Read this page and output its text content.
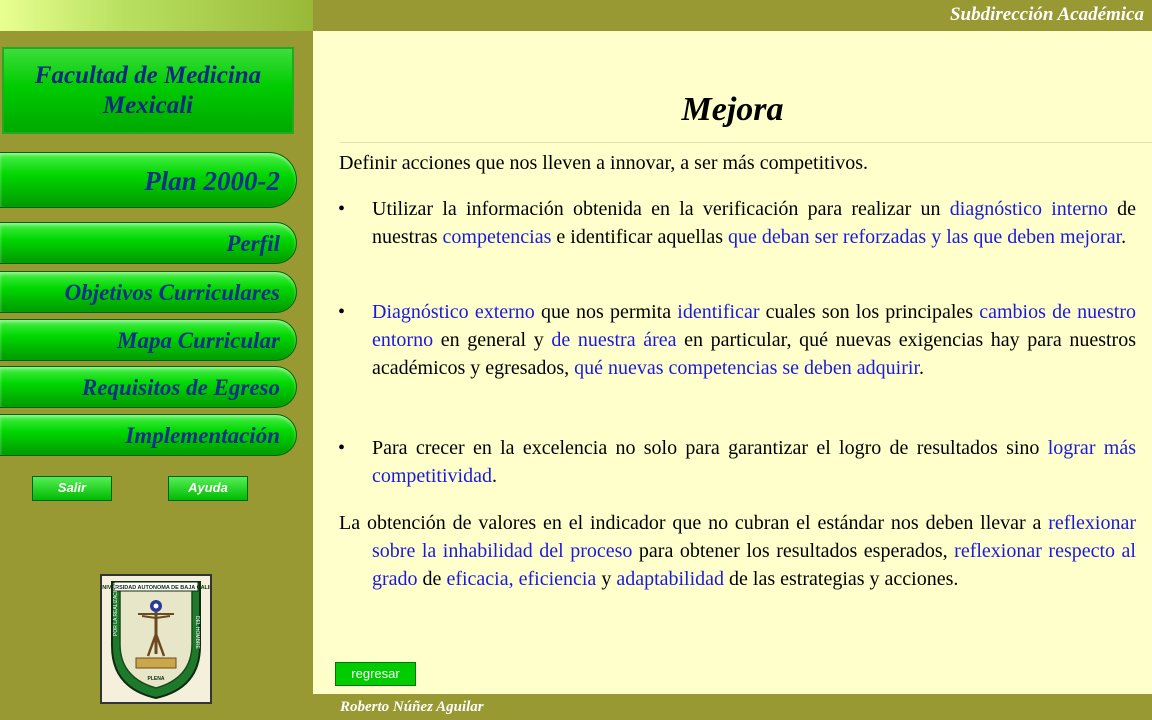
Subdirección Académica
Facultad de Medicina
Mexicali
Plan 2000-2
Perfil
Objetivos Curriculares
Mapa Curricular
Requisitos de Egreso
Implementación
Salir	Ayuda
UNIVERSIDAD AUTONOMA DE BAJA CALIF.
PLENA
POR LA REALIZACION	DEL HOMBRE
Roberto Núñez Aguilar
Mejora
Definir acciones que nos lleven a innovar, a ser más competitivos.
• Utilizar la información obtenida en la verificación para realizar un diagnóstico interno de nuestras competencias e identificar aquellas que deban ser reforzadas y las que deben mejorar.
• Diagnóstico externo que nos permita identificar cuales son los principales cambios de nuestro entorno en general y de nuestra área en particular, qué nuevas exigencias hay para nuestros académicos y egresados, qué nuevas competencias se deben adquirir.
• Para crecer en la excelencia no solo para garantizar el logro de resultados sino lograr más competitividad.
La obtención de valores en el indicador que no cubran el estándar nos deben llevar a reflexionar sobre la inhabilidad del proceso para obtener los resultados esperados, reflexionar respecto al grado de eficacia, eficiencia y adaptabilidad de las estrategias y acciones.
regresar
